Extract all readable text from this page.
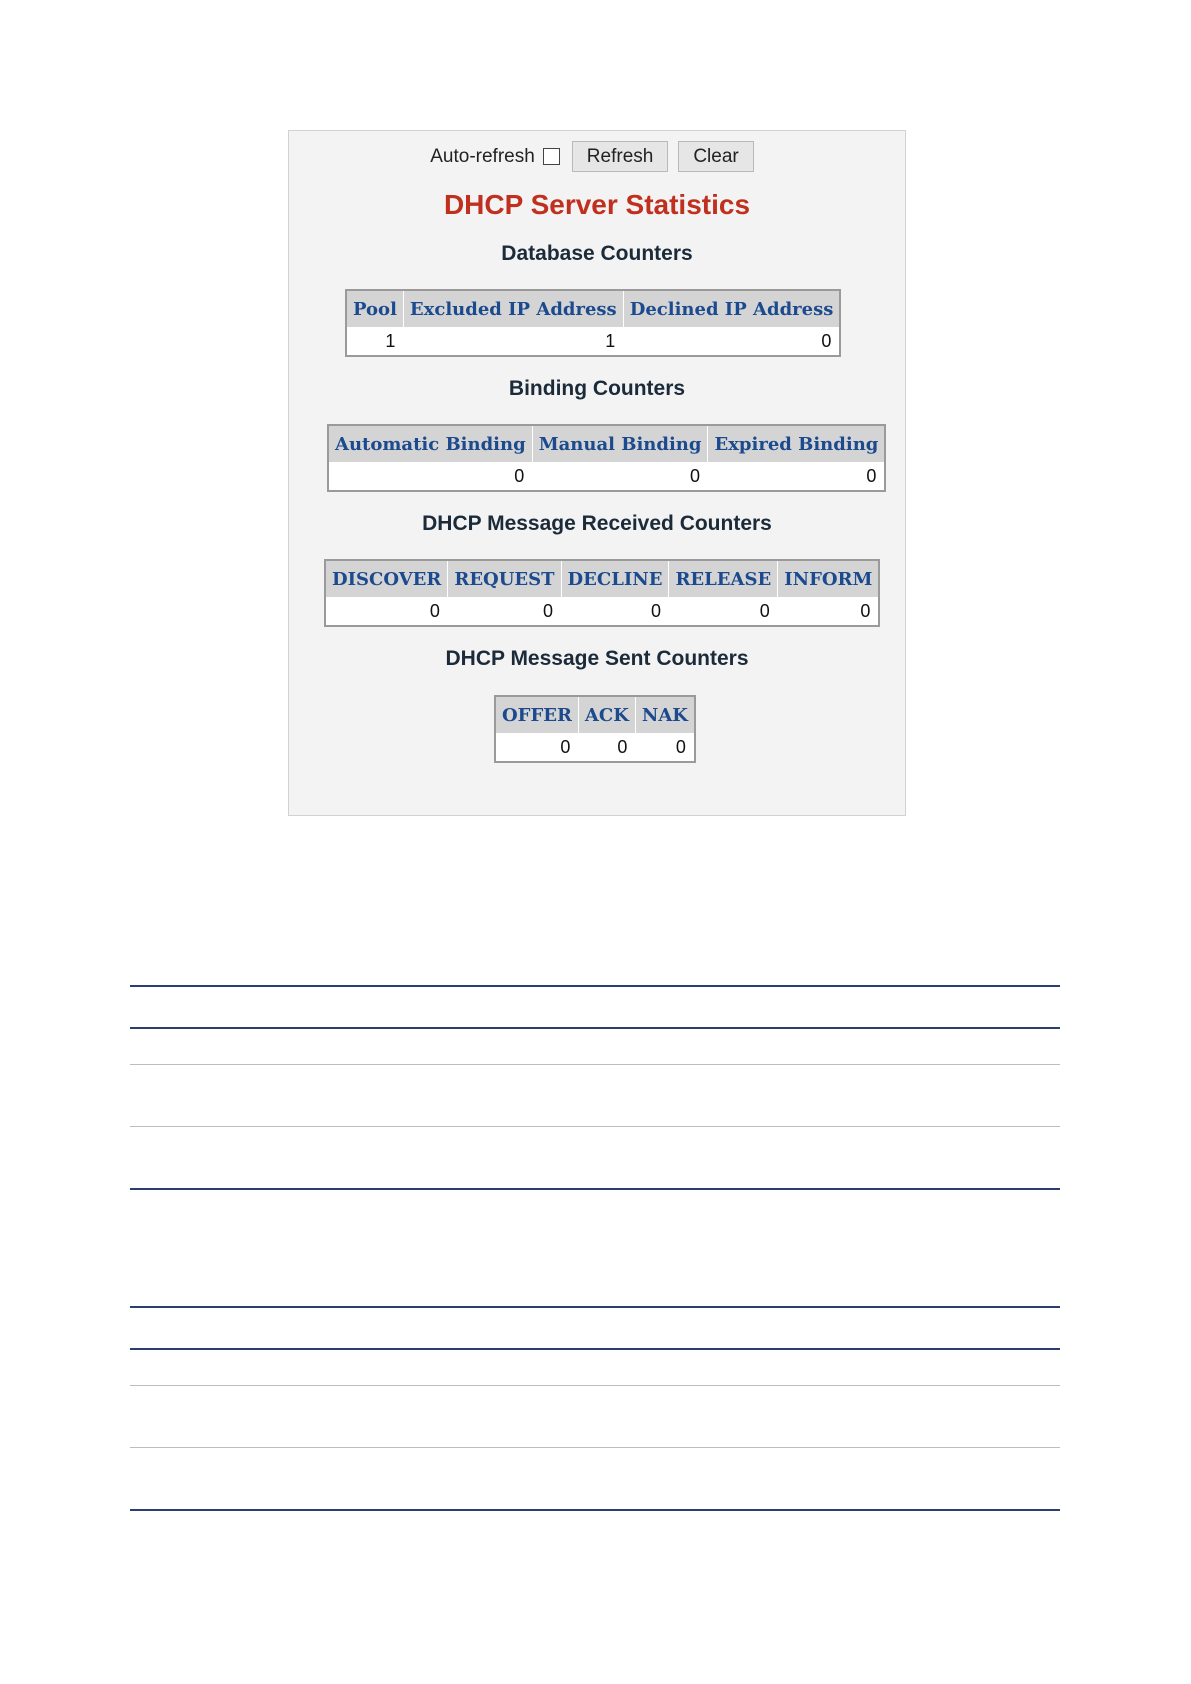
Auto-refresh	Refresh	Clear
DHCP Server Statistics
Database Counters
Pool	Excluded IP Address	Declined IP Address
1	1	0
Binding Counters
Automatic Binding	Manual Binding	Expired Binding
0	0	0
DHCP Message Received Counters
DISCOVER	REQUEST	DECLINE	RELEASE	INFORM
0	0	0	0	0
DHCP Message Sent Counters
OFFER	ACK	NAK
0	0	0
